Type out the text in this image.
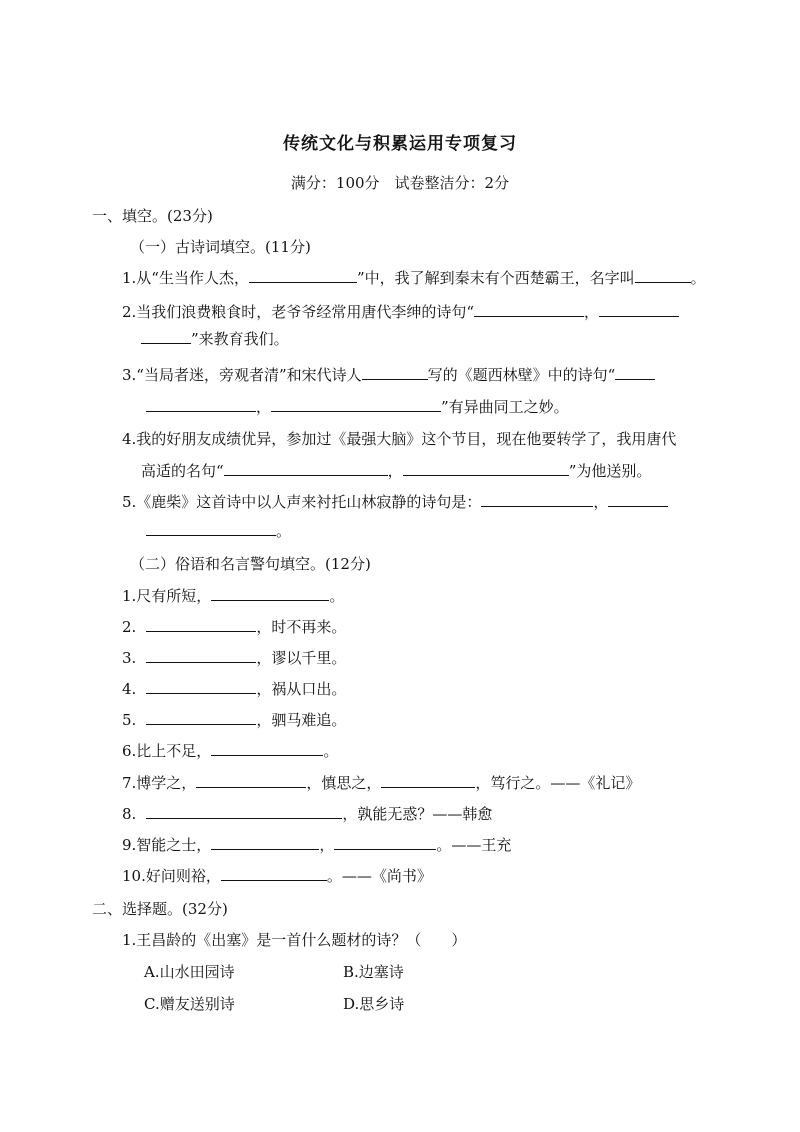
传统文化与积累运用专项复习
满分：100分　试卷整洁分：2分
一、填空。(23分)
（一）古诗词填空。(11分)
1.从“生当作人杰，	”中，我了解到秦末有个西楚霸王，名字叫	。
2.当我们浪费粮食时，老爷爷经常用唐代李绅的诗句“	，
”来教育我们。
3.“当局者迷，旁观者清”和宋代诗人	写的《题西林壁》中的诗句“
，	”有异曲同工之妙。
4.我的好朋友成绩优异，参加过《最强大脑》这个节目，现在他要转学了，我用唐代
高适的名句“	，	”为他送别。
5.《鹿柴》这首诗中以人声来衬托山林寂静的诗句是：	，
。
（二）俗语和名言警句填空。(12分)
1.尺有所短，	。
2.	，时不再来。
3.	，谬以千里。
4.	，祸从口出。
5.	，驷马难追。
6.比上不足，	。
7.博学之，	，慎思之，	，笃行之。——《礼记》
8.	，孰能无惑？——韩愈
9.智能之士，	，	。——王充
10.好问则裕，	。——《尚书》
二、选择题。(32分)
1.王昌龄的《出塞》是一首什么题材的诗？（　　）
A.山水田园诗	B.边塞诗
C.赠友送别诗	D.思乡诗
